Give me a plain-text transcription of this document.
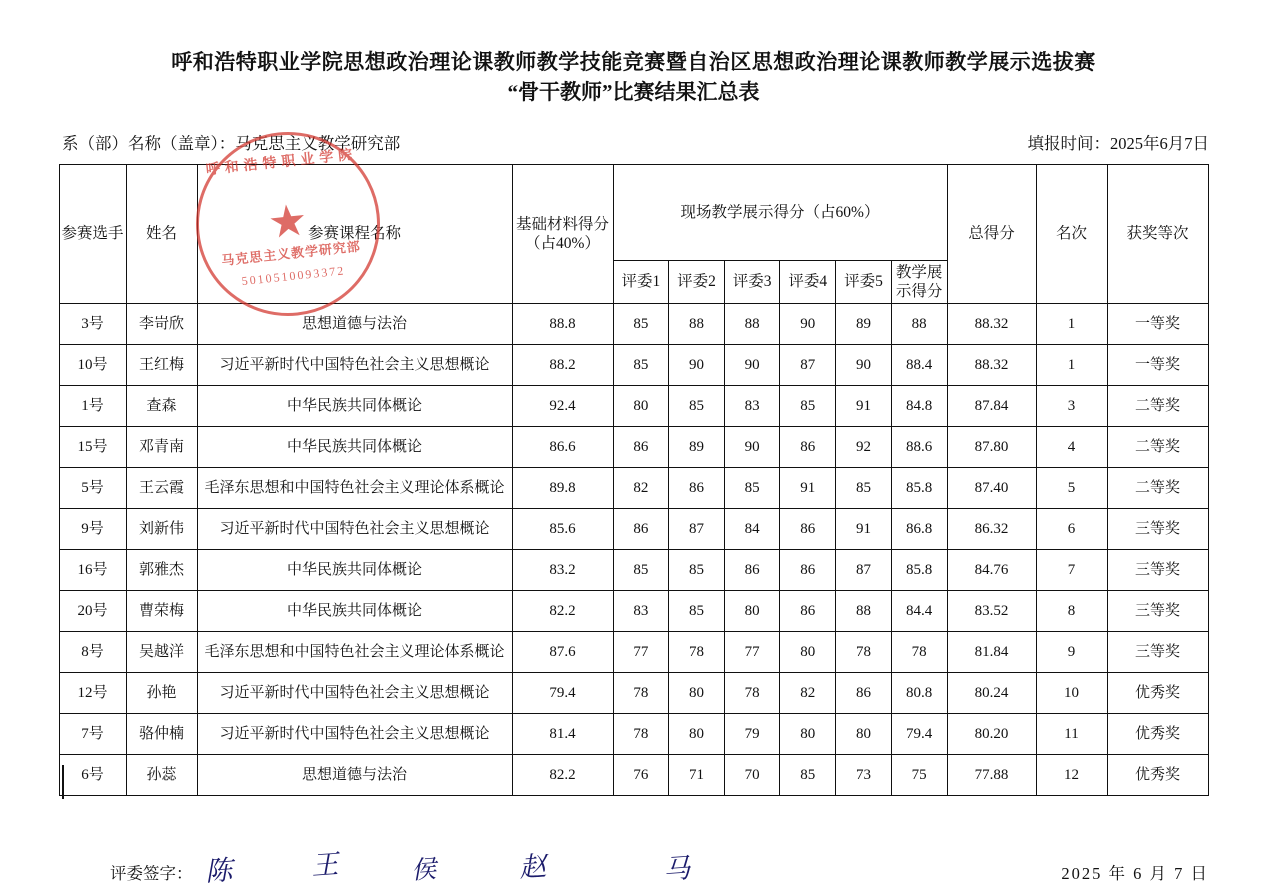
呼和浩特职业学院思想政治理论课教师教学技能竞赛暨自治区思想政治理论课教师教学展示选拔赛
“骨干教师”比赛结果汇总表
系（部）名称（盖章）：马克思主义教学研究部	填报时间：2025年6月7日
参赛选手	姓名	参赛课程名称	基础材料得分（占40%）	现场教学展示得分（占60%）						总得分	名次	获奖等次
				评委1	评委2	评委3	评委4	评委5	教学展示得分			
3号	李岢欣	思想道德与法治	88.8	85	88	88	90	89	88	88.32	1	一等奖
10号	王红梅	习近平新时代中国特色社会主义思想概论	88.2	85	90	90	87	90	88.4	88.32	1	一等奖
1号	查森	中华民族共同体概论	92.4	80	85	83	85	91	84.8	87.84	3	二等奖
15号	邓青南	中华民族共同体概论	86.6	86	89	90	86	92	88.6	87.80	4	二等奖
5号	王云霞	毛泽东思想和中国特色社会主义理论体系概论	89.8	82	86	85	91	85	85.8	87.40	5	二等奖
9号	刘新伟	习近平新时代中国特色社会主义思想概论	85.6	86	87	84	86	91	86.8	86.32	6	三等奖
16号	郭雅杰	中华民族共同体概论	83.2	85	85	86	86	87	85.8	84.76	7	三等奖
20号	曹荣梅	中华民族共同体概论	82.2	83	85	80	86	88	84.4	83.52	8	三等奖
8号	吴越洋	毛泽东思想和中国特色社会主义理论体系概论	87.6	77	78	77	80	78	78	81.84	9	三等奖
12号	孙艳	习近平新时代中国特色社会主义思想概论	79.4	78	80	78	82	86	80.8	80.24	10	优秀奖
7号	骆仲楠	习近平新时代中国特色社会主义思想概论	81.4	78	80	79	80	80	79.4	80.20	11	优秀奖
6号	孙蕊	思想道德与法治	82.2	76	71	70	85	73	75	77.88	12	优秀奖
呼和浩特职业学院
★
马克思主义教学研究部
5010510093372
评委签字： 陈	王	侯	赵	马	2025 年 6 月 7 日
